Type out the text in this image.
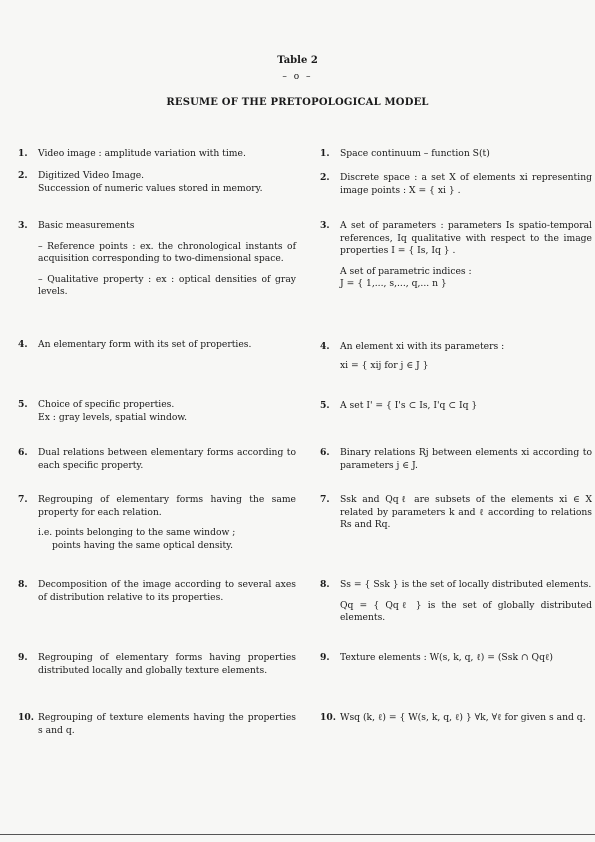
Table 2
– o –
RESUME OF THE PRETOPOLOGICAL MODEL
1. Video image : amplitude variation with time.
2. Digitized Video Image.
Succession of numeric values stored in memory.
3. Basic measurements
– Reference points : ex. the chronological instants of acquisition corresponding to two-dimensional space.
– Qualitative property : ex : optical densities of gray levels.
4. An elementary form with its set of properties.
5. Choice of specific properties.
Ex : gray levels, spatial window.
6. Dual relations between elementary forms according to each specific property.
7. Regrouping of elementary forms having the same property for each relation.
i.e. points belonging to the same window ;
points having the same optical density.
8. Decomposition of the image according to several axes of distribution relative to its properties.
9. Regrouping of elementary forms having properties distributed locally and globally texture elements.
10. Regrouping of texture elements having the properties s and q.
1. Space continuum – function S(t)
2. Discrete space : a set X of elements xi representing image points : X = { xi } .
3. A set of parameters : parameters Is spatio-temporal references, Iq qualitative with respect to the image properties I = { Is, Iq } .
A set of parametric indices :
J = { 1,..., s,..., q,... n }
4. An element xi with its parameters :
xi = { xij for j ∈ J }
5. A set I' = { I's ⊂ Is, I'q ⊂ Iq }
6. Binary relations Rj between elements xi according to parameters j ∈ J.
7. Ssk and Qqℓ are subsets of the elements xi ∈ X related by parameters k and ℓ according to relations Rs and Rq.
8. Ss = { Ssk } is the set of locally distributed elements.
Qq = { Qqℓ } is the set of globally distributed elements.
9. Texture elements : W(s, k, q, ℓ) = (Ssk ∩ Qqℓ)
10. Wsq (k, ℓ) = { W(s, k, q, ℓ) } ∀k, ∀ℓ for given s and q.
